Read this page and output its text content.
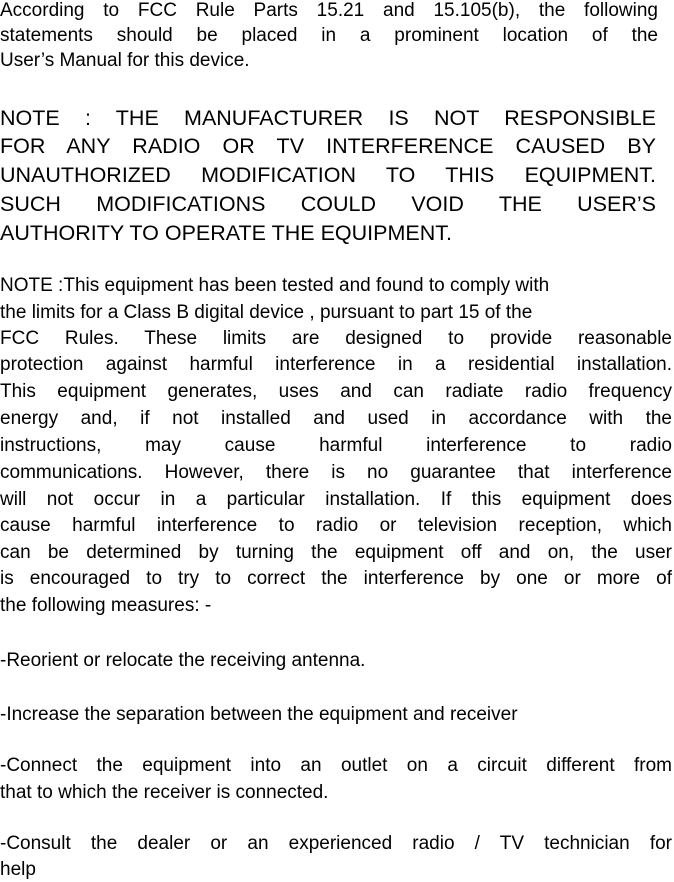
According to FCC Rule Parts 15.21 and 15.105(b), the following

statements should be placed in a prominent location of the

User’s Manual for this device.

NOTE : THE MANUFACTURER IS NOT RESPONSIBLE

FOR ANY RADIO OR TV INTERFERENCE CAUSED BY

UNAUTHORIZED MODIFICATION TO THIS EQUIPMENT.

SUCH MODIFICATIONS COULD VOID THE USER’S

AUTHORITY TO OPERATE THE EQUIPMENT.

NOTE :This equipment has been tested and found to comply with

the limits for a Class B digital device , pursuant to part 15 of the

FCC Rules. These limits are designed to provide reasonable

protection against harmful interference in a residential installation.

This equipment generates, uses and can radiate radio frequency

energy and, if not installed and used in accordance with the

instructions, may cause harmful interference to radio

communications. However, there is no guarantee that interference

will not occur in a particular installation. If this equipment does

cause harmful interference to radio or television reception, which

can be determined by turning the equipment off and on, the user

is encouraged to try to correct the interference by one or more of

the following measures: -

-Reorient or relocate the receiving antenna.

-Increase the separation between the equipment and receiver

-Connect the equipment into an outlet on a circuit different from

that to which the receiver is connected.

-Consult the dealer or an experienced radio / TV technician for

help
